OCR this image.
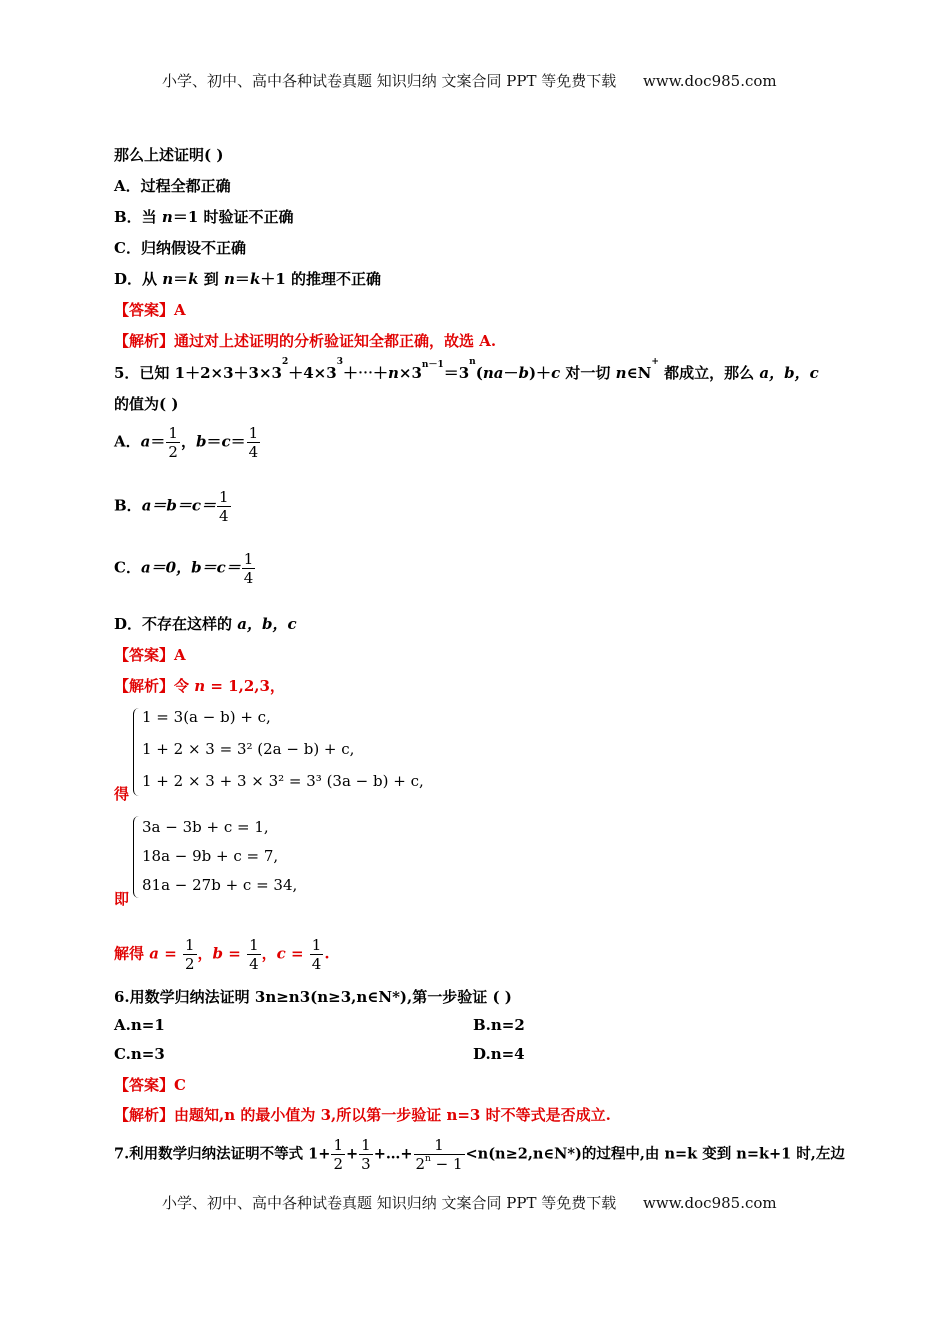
小学、初中、高中各种试卷真题 知识归纳 文案合同 PPT 等免费下载 www.doc985.com
那么上述证明( )
A．过程全都正确
B．当 n＝1 时验证不正确
C．归纳假设不正确
D．从 n＝k 到 n＝k＋1 的推理不正确
【答案】A
【解析】通过对上述证明的分析验证知全都正确，故选 A.
5．已知 $1+2\times 3+3\times 3^2+4\times 3^3+\cdots+n\times 3^{n-1}=3^n(na-b)+c$ 对一切 n∈N+ 都成立，那么 a，b，c
的值为( )
A．$a= \frac{1}{2}$ ，$b=c= \frac{1}{4}$
B．$a=b=c= \frac{1}{4}$
C．a＝0，$b=c= \frac{1}{4}$
D．不存在这样的 a，b，c
【答案】A
【解析】令 n = 1,2,3，
1 = 3(a − b) + c,
1 + 2 × 3 = 3² (2a − b) + c,
1 + 2 × 3 + 3 × 3² = 3³ (3a − b) + c,
得
3a − 3b + c = 1,
18a − 9b + c = 7,
81a − 27b + c = 34,
即
解得 $a = \frac{1}{2}$ ，$b = \frac{1}{4}$ ，$c = \frac{1}{4}$ .
6.用数学归纳法证明 3n≥n3(n≥3,n∈N*),第一步验证 ( )
A.n=1	B.n=2
C.n=3	D.n=4
【答案】C
【解析】由题知,n 的最小值为 3,所以第一步验证 n=3 时不等式是否成立.
7.利用数学归纳法证明不等式 $1+ \frac{1}{2} + \frac{1}{3}$ +…+ $\frac{1}{2^n - 1}$ <n(n≥2,n∈N*)的过程中,由 n=k 变到 n=k+1 时,左边
小学、初中、高中各种试卷真题 知识归纳 文案合同 PPT 等免费下载 www.doc985.com
